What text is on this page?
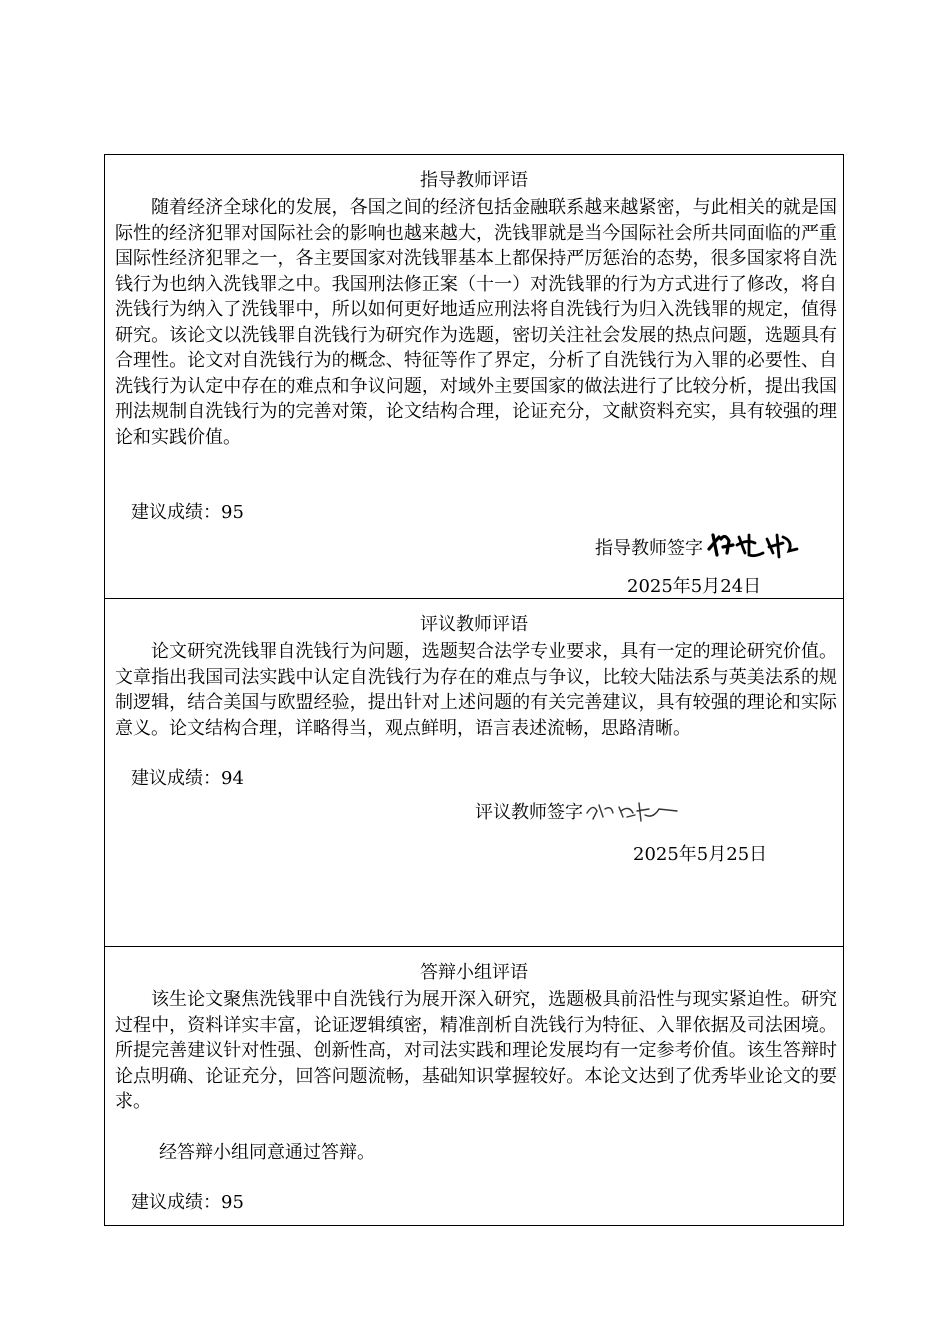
指导教师评语

随着经济全球化的发展，各国之间的经济包括金融联系越来越紧密，与此相关的就是国际性的经济犯罪对国际社会的影响也越来越大，洗钱罪就是当今国际社会所共同面临的严重国际性经济犯罪之一，各主要国家对洗钱罪基本上都保持严厉惩治的态势，很多国家将自洗钱行为也纳入洗钱罪之中。我国刑法修正案（十一）对洗钱罪的行为方式进行了修改，将自洗钱行为纳入了洗钱罪中，所以如何更好地适应刑法将自洗钱行为归入洗钱罪的规定，值得研究。该论文以洗钱罪自洗钱行为研究作为选题，密切关注社会发展的热点问题，选题具有合理性。论文对自洗钱行为的概念、特征等作了界定，分析了自洗钱行为入罪的必要性、自洗钱行为认定中存在的难点和争议问题，对域外主要国家的做法进行了比较分析，提出我国刑法规制自洗钱行为的完善对策，论文结构合理，论证充分，文献资料充实，具有较强的理论和实践价值。

建议成绩：95
指导教师签字
2025年5月24日
评议教师评语

论文研究洗钱罪自洗钱行为问题，选题契合法学专业要求，具有一定的理论研究价值。文章指出我国司法实践中认定自洗钱行为存在的难点与争议，比较大陆法系与英美法系的规制逻辑，结合美国与欧盟经验，提出针对上述问题的有关完善建议，具有较强的理论和实际意义。论文结构合理，详略得当，观点鲜明，语言表述流畅，思路清晰。

建议成绩：94
评议教师签字
2025年5月25日
答辩小组评语

该生论文聚焦洗钱罪中自洗钱行为展开深入研究，选题极具前沿性与现实紧迫性。研究过程中，资料详实丰富，论证逻辑缜密，精准剖析自洗钱行为特征、入罪依据及司法困境。所提完善建议针对性强、创新性高，对司法实践和理论发展均有一定参考价值。该生答辩时论点明确、论证充分，回答问题流畅，基础知识掌握较好。本论文达到了优秀毕业论文的要求。

经答辩小组同意通过答辩。
建议成绩：95
